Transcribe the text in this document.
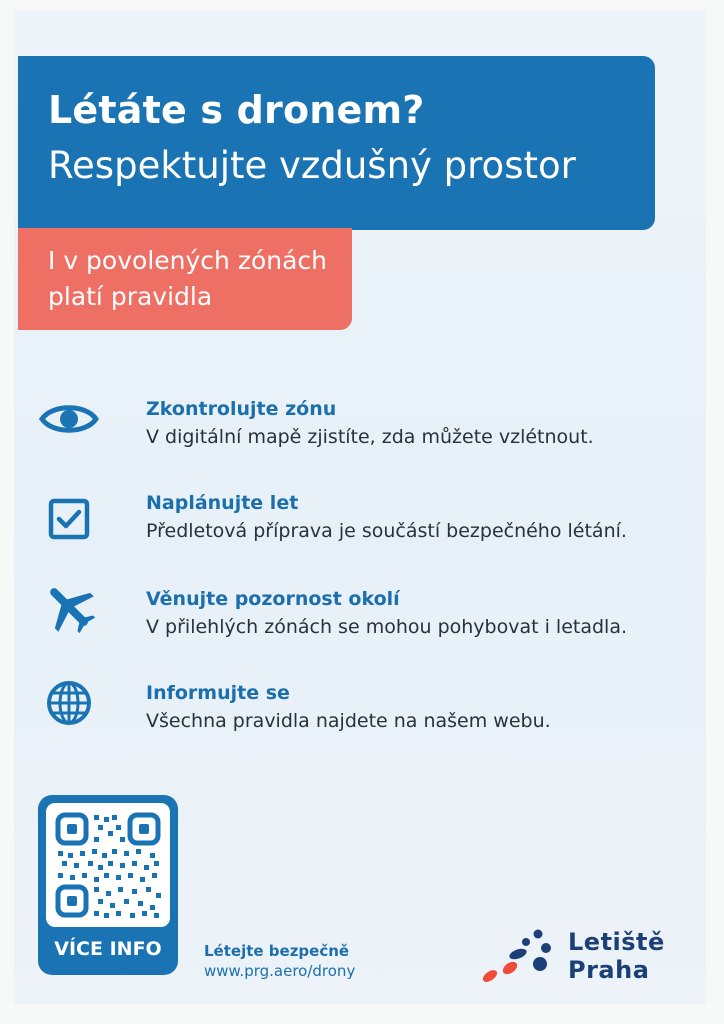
Létáte s dronem?
Respektujte vzdušný prostor
I v povolených zónách
platí pravidla
Zkontrolujte zónu
V digitální mapě zjistíte, zda můžete vzlétnout.
Naplánujte let
Předletová příprava je součástí bezpečného létání.
Věnujte pozornost okolí
V přilehlých zónách se mohou pohybovat i letadla.
Informujte se
Všechna pravidla najdete na našem webu.
VÍCE INFO	Létejte bezpečně
www.prg.aero/drony
Letiště
Praha
